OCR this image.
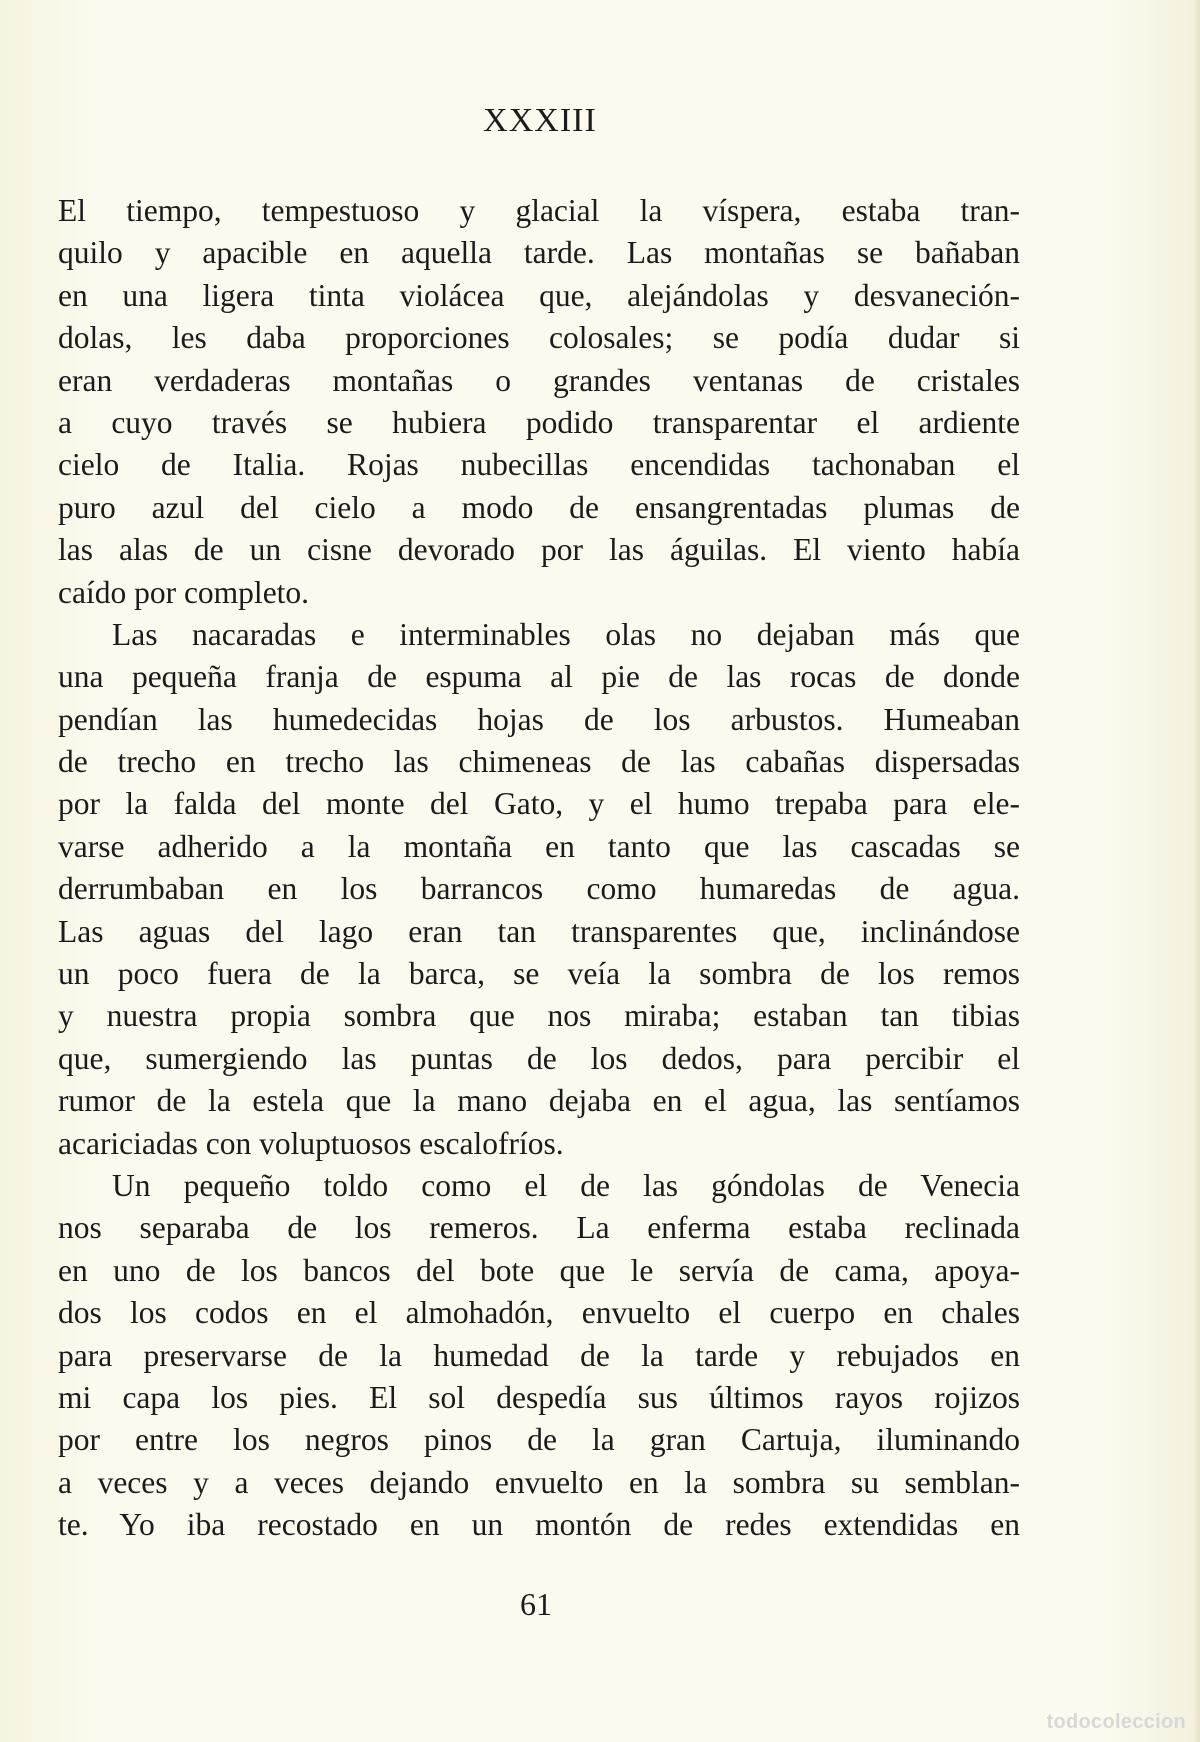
XXXIII

El tiempo, tempestuoso y glacial la víspera, estaba tran-
quilo y apacible en aquella tarde. Las montañas se bañaban
en una ligera tinta violácea que, alejándolas y desvaneción-
dolas, les daba proporciones colosales; se podía dudar si
eran verdaderas montañas o grandes ventanas de cristales
a cuyo través se hubiera podido transparentar el ardiente
cielo de Italia. Rojas nubecillas encendidas tachonaban el
puro azul del cielo a modo de ensangrentadas plumas de
las alas de un cisne devorado por las águilas. El viento había
caído por completo.

Las nacaradas e interminables olas no dejaban más que
una pequeña franja de espuma al pie de las rocas de donde
pendían las humedecidas hojas de los arbustos. Humeaban
de trecho en trecho las chimeneas de las cabañas dispersadas
por la falda del monte del Gato, y el humo trepaba para ele-
varse adherido a la montaña en tanto que las cascadas se
derrumbaban en los barrancos como humaredas de agua.
Las aguas del lago eran tan transparentes que, inclinándose
un poco fuera de la barca, se veía la sombra de los remos
y nuestra propia sombra que nos miraba; estaban tan tibias
que, sumergiendo las puntas de los dedos, para percibir el
rumor de la estela que la mano dejaba en el agua, las sentíamos
acariciadas con voluptuosos escalofríos.

Un pequeño toldo como el de las góndolas de Venecia
nos separaba de los remeros. La enferma estaba reclinada
en uno de los bancos del bote que le servía de cama, apoya-
dos los codos en el almohadón, envuelto el cuerpo en chales
para preservarse de la humedad de la tarde y rebujados en
mi capa los pies. El sol despedía sus últimos rayos rojizos
por entre los negros pinos de la gran Cartuja, iluminando
a veces y a veces dejando envuelto en la sombra su semblan-
te. Yo iba recostado en un montón de redes extendidas en

61

todocoleccion
